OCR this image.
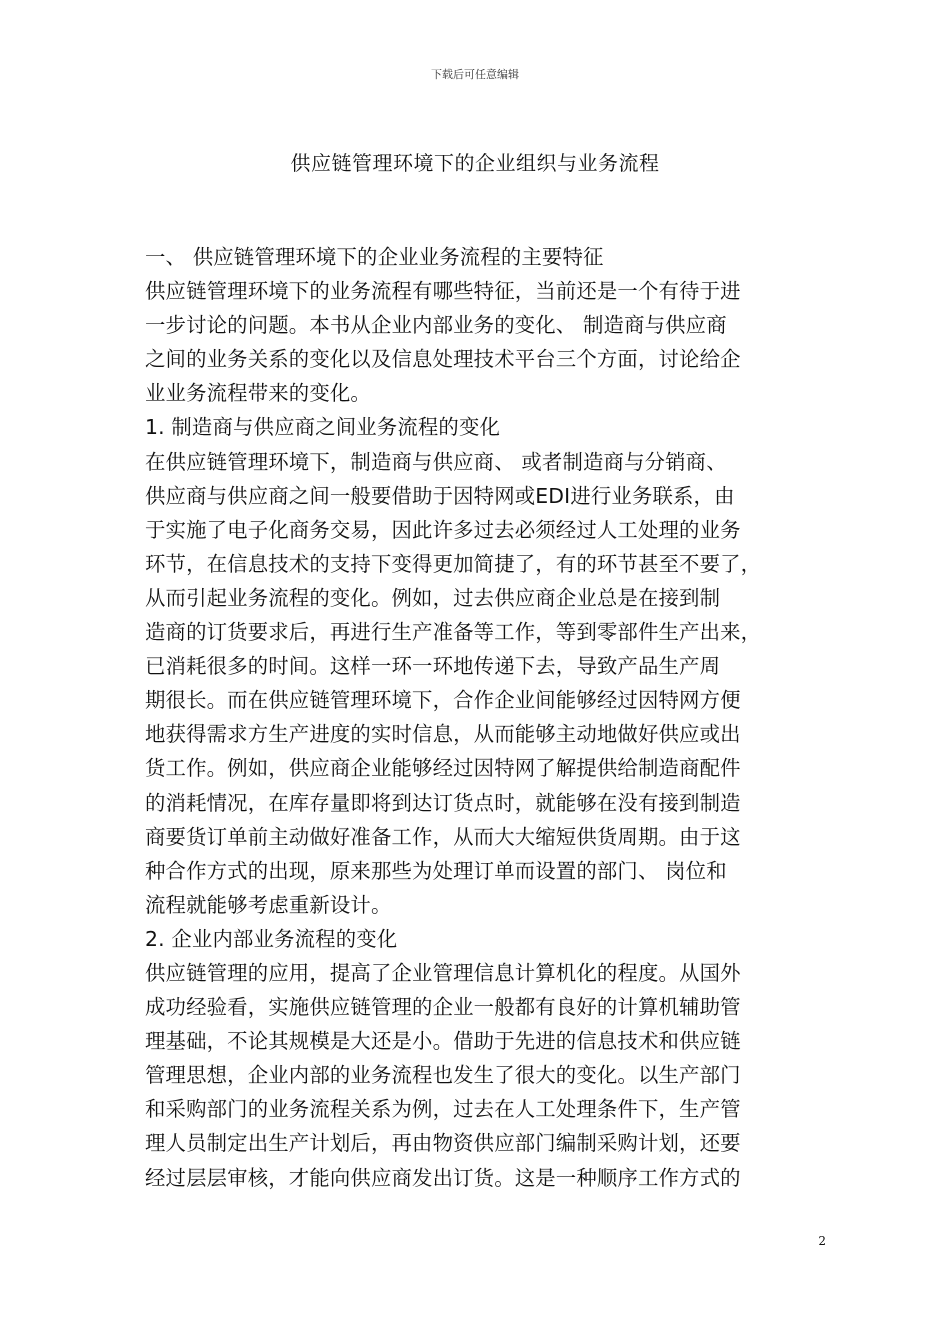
下载后可任意编辑
供应链管理环境下的企业组织与业务流程
一、 供应链管理环境下的企业业务流程的主要特征
供应链管理环境下的业务流程有哪些特征，当前还是一个有待于进
一步讨论的问题。本书从企业内部业务的变化、 制造商与供应商
之间的业务关系的变化以及信息处理技术平台三个方面，讨论给企
业业务流程带来的变化。
1. 制造商与供应商之间业务流程的变化
在供应链管理环境下，制造商与供应商、 或者制造商与分销商、
供应商与供应商之间一般要借助于因特网或EDI进行业务联系，由
于实施了电子化商务交易，因此许多过去必须经过人工处理的业务
环节，在信息技术的支持下变得更加简捷了，有的环节甚至不要了，
从而引起业务流程的变化。例如，过去供应商企业总是在接到制
造商的订货要求后，再进行生产准备等工作，等到零部件生产出来，
已消耗很多的时间。这样一环一环地传递下去，导致产品生产周
期很长。而在供应链管理环境下，合作企业间能够经过因特网方便
地获得需求方生产进度的实时信息，从而能够主动地做好供应或出
货工作。例如，供应商企业能够经过因特网了解提供给制造商配件
的消耗情况，在库存量即将到达订货点时，就能够在没有接到制造
商要货订单前主动做好准备工作，从而大大缩短供货周期。由于这
种合作方式的出现，原来那些为处理订单而设置的部门、 岗位和
流程就能够考虑重新设计。
2. 企业内部业务流程的变化
供应链管理的应用，提高了企业管理信息计算机化的程度。从国外
成功经验看，实施供应链管理的企业一般都有良好的计算机辅助管
理基础，不论其规模是大还是小。借助于先进的信息技术和供应链
管理思想，企业内部的业务流程也发生了很大的变化。以生产部门
和采购部门的业务流程关系为例，过去在人工处理条件下，生产管
理人员制定出生产计划后，再由物资供应部门编制采购计划，还要
经过层层审核，才能向供应商发出订货。这是一种顺序工作方式的
2
